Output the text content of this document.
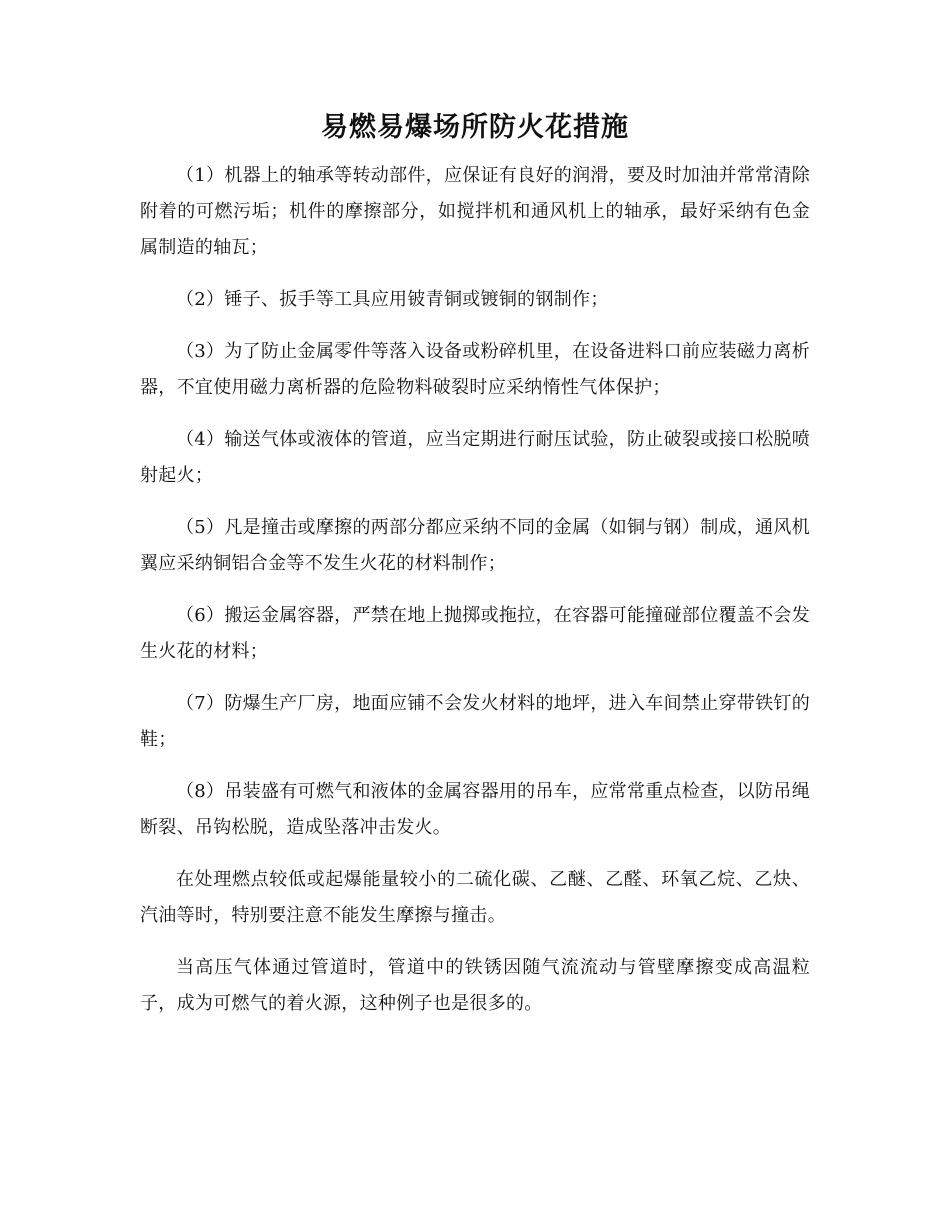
易燃易爆场所防火花措施

（1）机器上的轴承等转动部件，应保证有良好的润滑，要及时加油并常常清除附着的可燃污垢；机件的摩擦部分，如搅拌机和通风机上的轴承，最好采纳有色金属制造的轴瓦；

（2）锤子、扳手等工具应用铍青铜或镀铜的钢制作；

（3）为了防止金属零件等落入设备或粉碎机里，在设备进料口前应装磁力离析器，不宜使用磁力离析器的危险物料破裂时应采纳惰性气体保护；

（4）输送气体或液体的管道，应当定期进行耐压试验，防止破裂或接口松脱喷射起火；

（5）凡是撞击或摩擦的两部分都应采纳不同的金属（如铜与钢）制成，通风机翼应采纳铜铝合金等不发生火花的材料制作；

（6）搬运金属容器，严禁在地上抛掷或拖拉，在容器可能撞碰部位覆盖不会发生火花的材料；

（7）防爆生产厂房，地面应铺不会发火材料的地坪，进入车间禁止穿带铁钉的鞋；

（8）吊装盛有可燃气和液体的金属容器用的吊车，应常常重点检查，以防吊绳断裂、吊钩松脱，造成坠落冲击发火。

在处理燃点较低或起爆能量较小的二硫化碳、乙醚、乙醛、环氧乙烷、乙炔、汽油等时，特别要注意不能发生摩擦与撞击。

当高压气体通过管道时，管道中的铁锈因随气流流动与管壁摩擦变成高温粒子，成为可燃气的着火源，这种例子也是很多的。
